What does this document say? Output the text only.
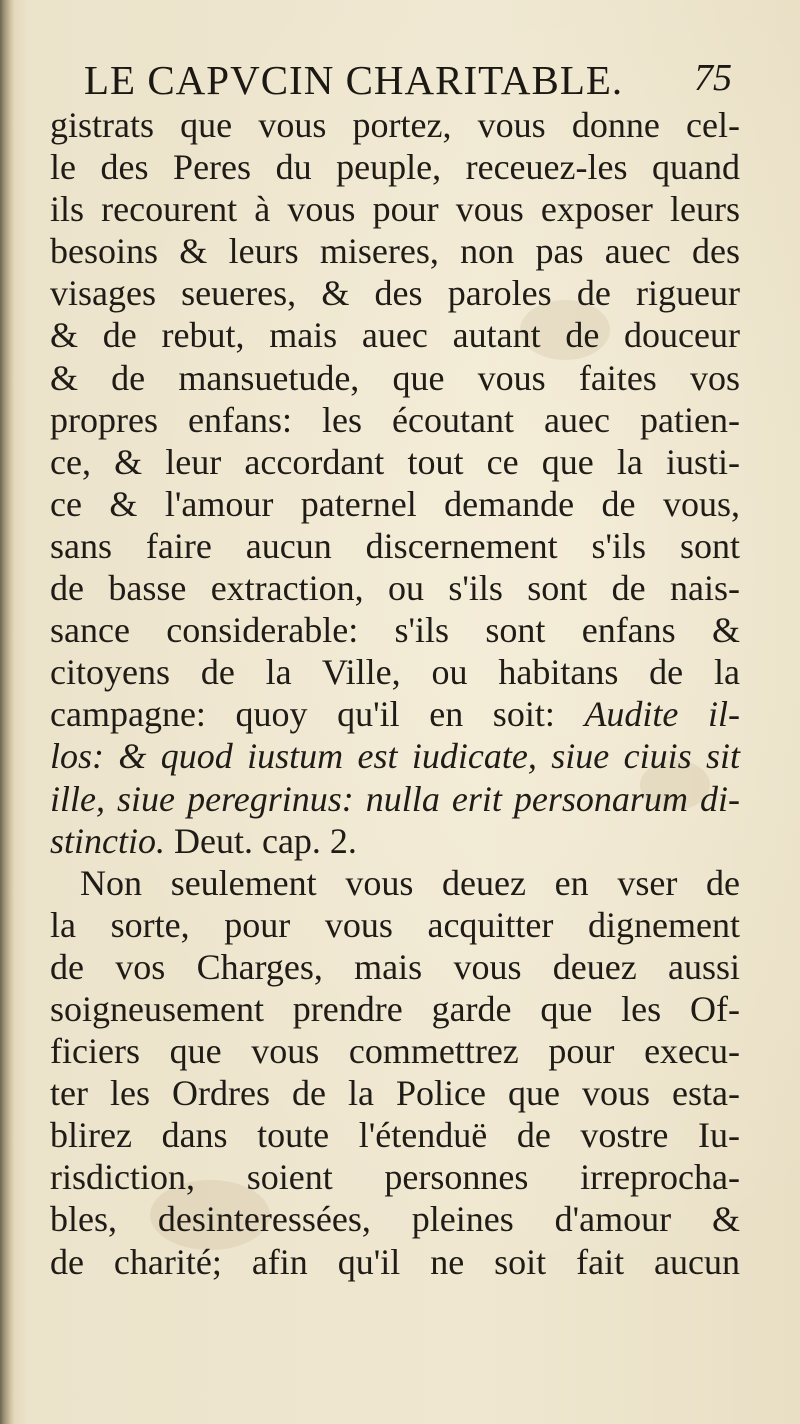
LE CAPVCIN CHARITABLE. 75
gistrats que vous portez, vous donne cel-
le des Peres du peuple, receuez-les quand
ils recourent à vous pour vous exposer leurs
besoins & leurs miseres, non pas auec des
visages seueres, & des paroles de rigueur
& de rebut, mais auec autant de douceur
& de mansuetude, que vous faites vos
propres enfans: les écoutant auec patien-
ce, & leur accordant tout ce que la iusti-
ce & l'amour paternel demande de vous,
sans faire aucun discernement s'ils sont
de basse extraction, ou s'ils sont de nais-
sance considerable: s'ils sont enfans &
citoyens de la Ville, ou habitans de la
campagne: quoy qu'il en soit: Audite il-
los: & quod iustum est iudicate, siue ciuis sit
ille, siue peregrinus: nulla erit personarum di-
stinctio. Deut. cap. 2.
Non seulement vous deuez en vser de
la sorte, pour vous acquitter dignement
de vos Charges, mais vous deuez aussi
soigneusement prendre garde que les Of-
ficiers que vous commettrez pour execu-
ter les Ordres de la Police que vous esta-
blirez dans toute l'étenduë de vostre Iu-
risdiction, soient personnes irreprocha-
bles, desinteressées, pleines d'amour &
de charité; afin qu'il ne soit fait aucun
